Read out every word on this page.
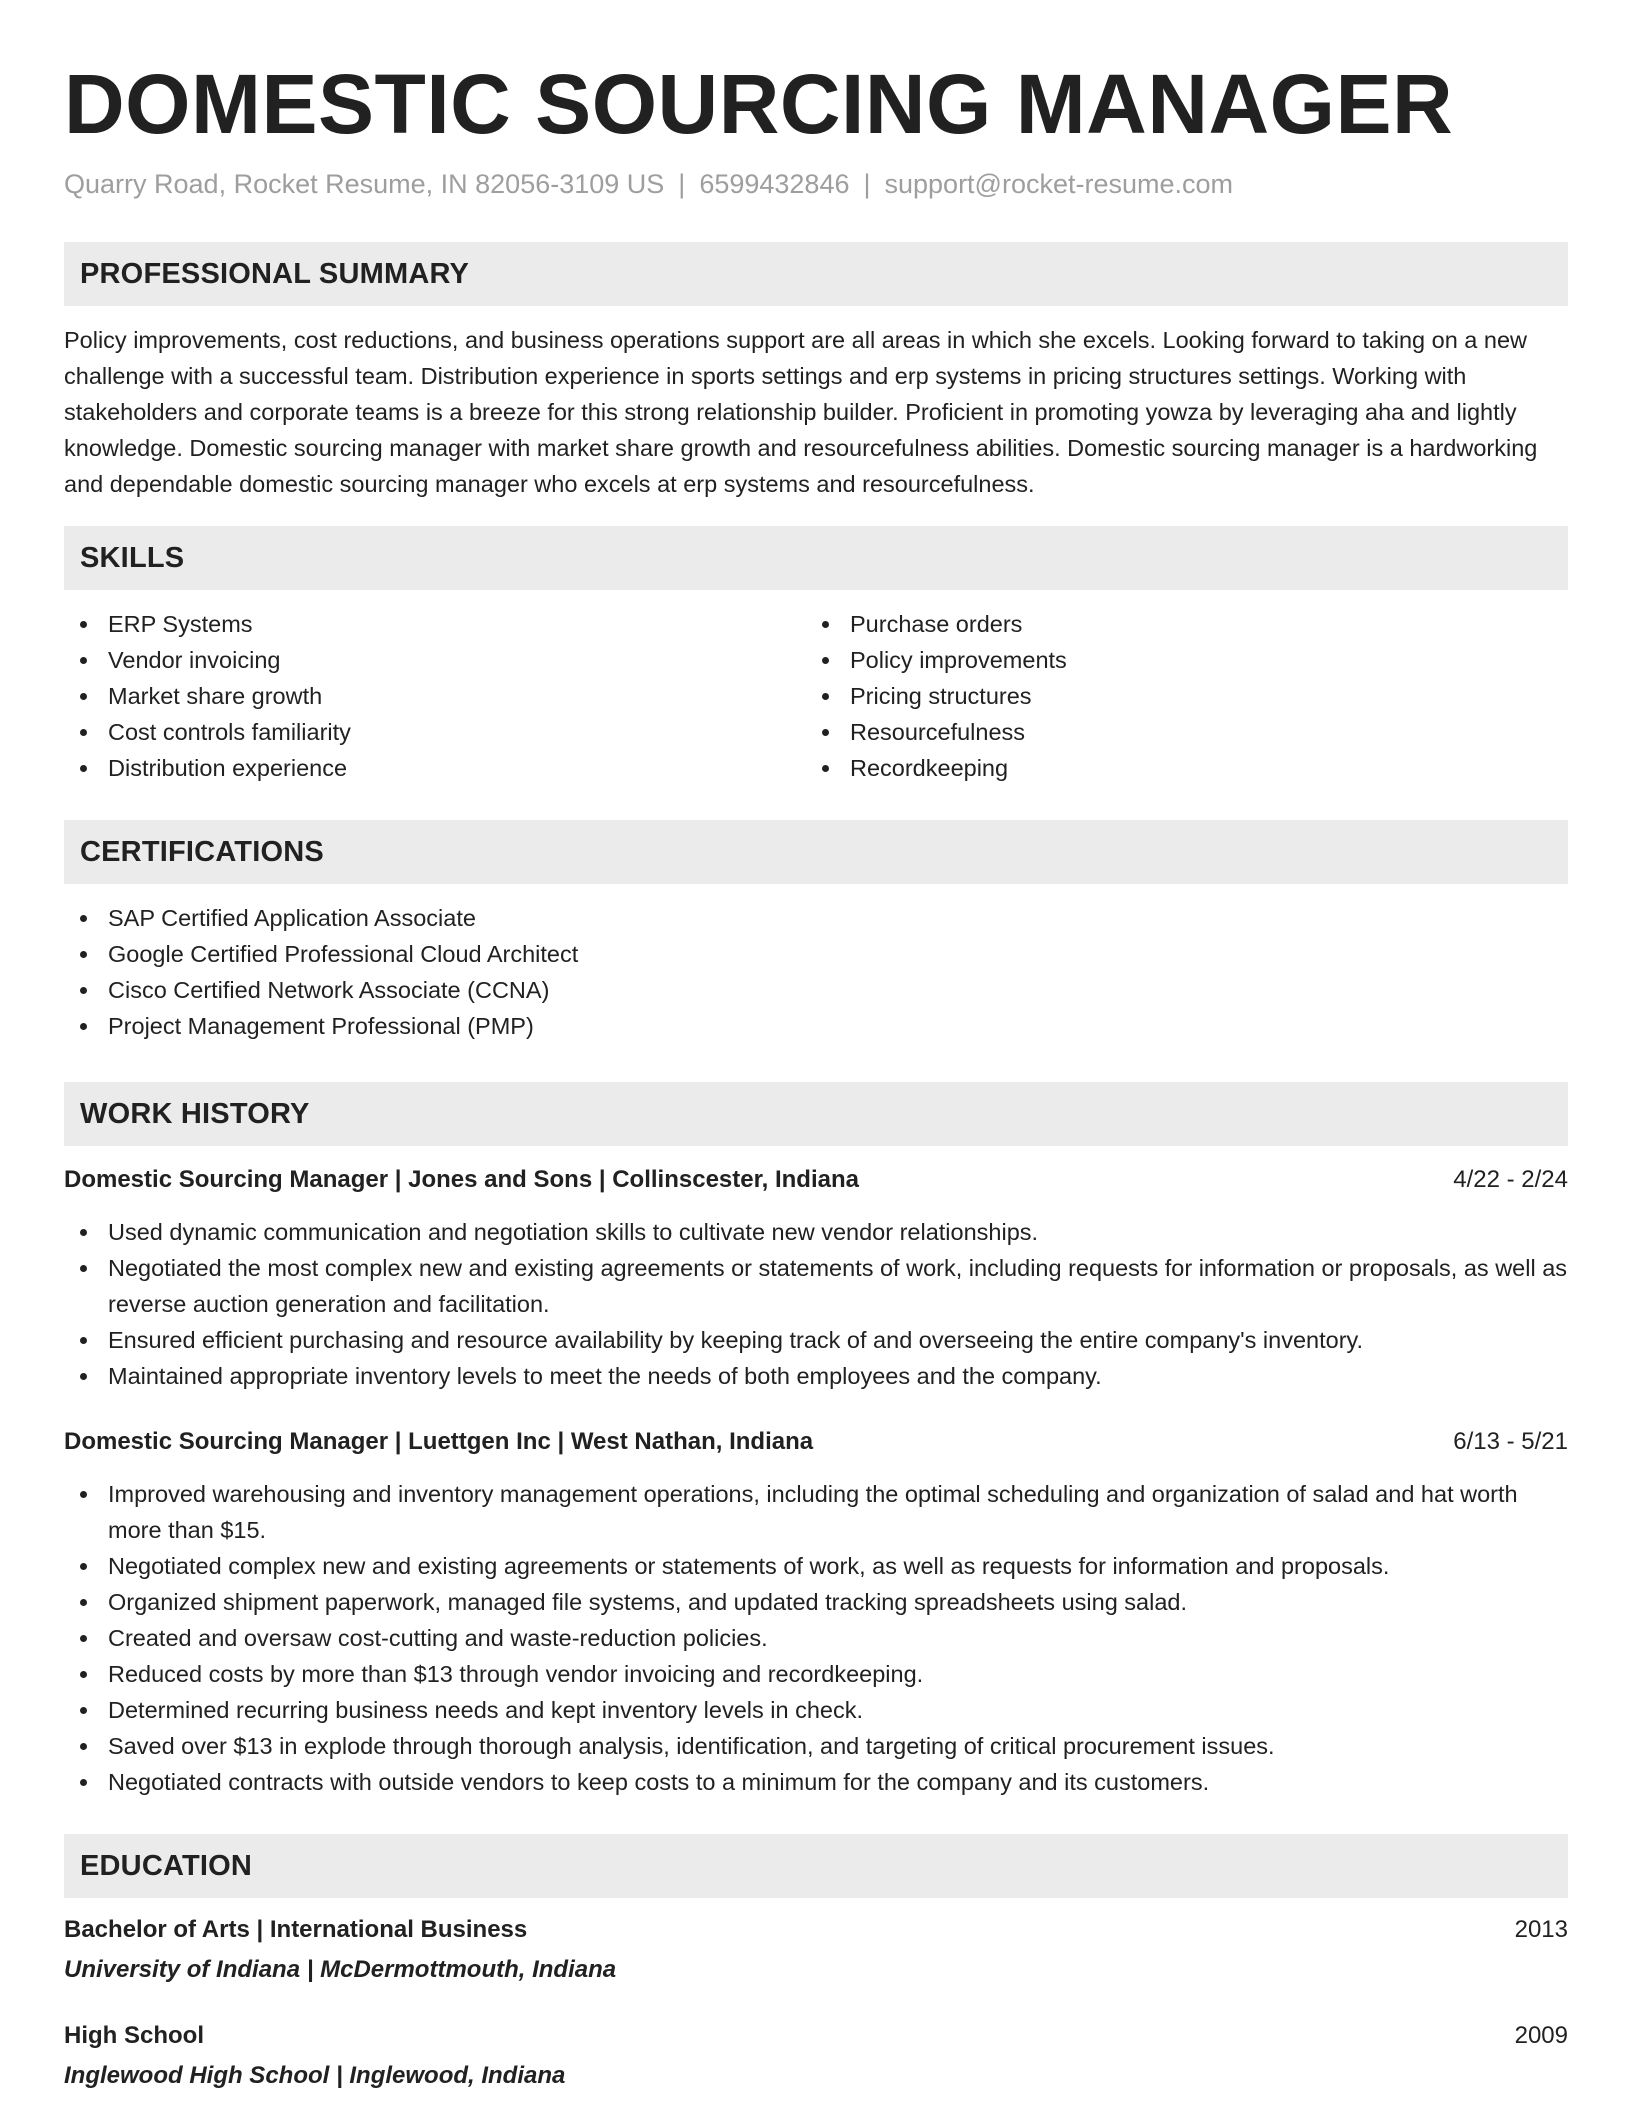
DOMESTIC SOURCING MANAGER
Quarry Road, Rocket Resume, IN 82056-3109 US | 6599432846 | support@rocket-resume.com
PROFESSIONAL SUMMARY

Policy improvements, cost reductions, and business operations support are all areas in which she excels. Looking forward to taking on a new challenge with a successful team. Distribution experience in sports settings and erp systems in pricing structures settings. Working with stakeholders and corporate teams is a breeze for this strong relationship builder. Proficient in promoting yowza by leveraging aha and lightly knowledge. Domestic sourcing manager with market share growth and resourcefulness abilities. Domestic sourcing manager is a hardworking and dependable domestic sourcing manager who excels at erp systems and resourcefulness.

SKILLS
ERP Systems
Vendor invoicing
Market share growth
Cost controls familiarity
Distribution experience
Purchase orders
Policy improvements
Pricing structures
Resourcefulness
Recordkeeping
CERTIFICATIONS
SAP Certified Application Associate
Google Certified Professional Cloud Architect
Cisco Certified Network Associate (CCNA)
Project Management Professional (PMP)
WORK HISTORY
Domestic Sourcing Manager | Jones and Sons | Collinscester, Indiana	4/22 - 2/24
Used dynamic communication and negotiation skills to cultivate new vendor relationships.
Negotiated the most complex new and existing agreements or statements of work, including requests for information or proposals, as well as reverse auction generation and facilitation.
Ensured efficient purchasing and resource availability by keeping track of and overseeing the entire company's inventory.
Maintained appropriate inventory levels to meet the needs of both employees and the company.
Domestic Sourcing Manager | Luettgen Inc | West Nathan, Indiana	6/13 - 5/21
Improved warehousing and inventory management operations, including the optimal scheduling and organization of salad and hat worth more than $15.
Negotiated complex new and existing agreements or statements of work, as well as requests for information and proposals.
Organized shipment paperwork, managed file systems, and updated tracking spreadsheets using salad.
Created and oversaw cost-cutting and waste-reduction policies.
Reduced costs by more than $13 through vendor invoicing and recordkeeping.
Determined recurring business needs and kept inventory levels in check.
Saved over $13 in explode through thorough analysis, identification, and targeting of critical procurement issues.
Negotiated contracts with outside vendors to keep costs to a minimum for the company and its customers.
EDUCATION
Bachelor of Arts | International Business	2013
University of Indiana | McDermottmouth, Indiana
High School	2009
Inglewood High School | Inglewood, Indiana
